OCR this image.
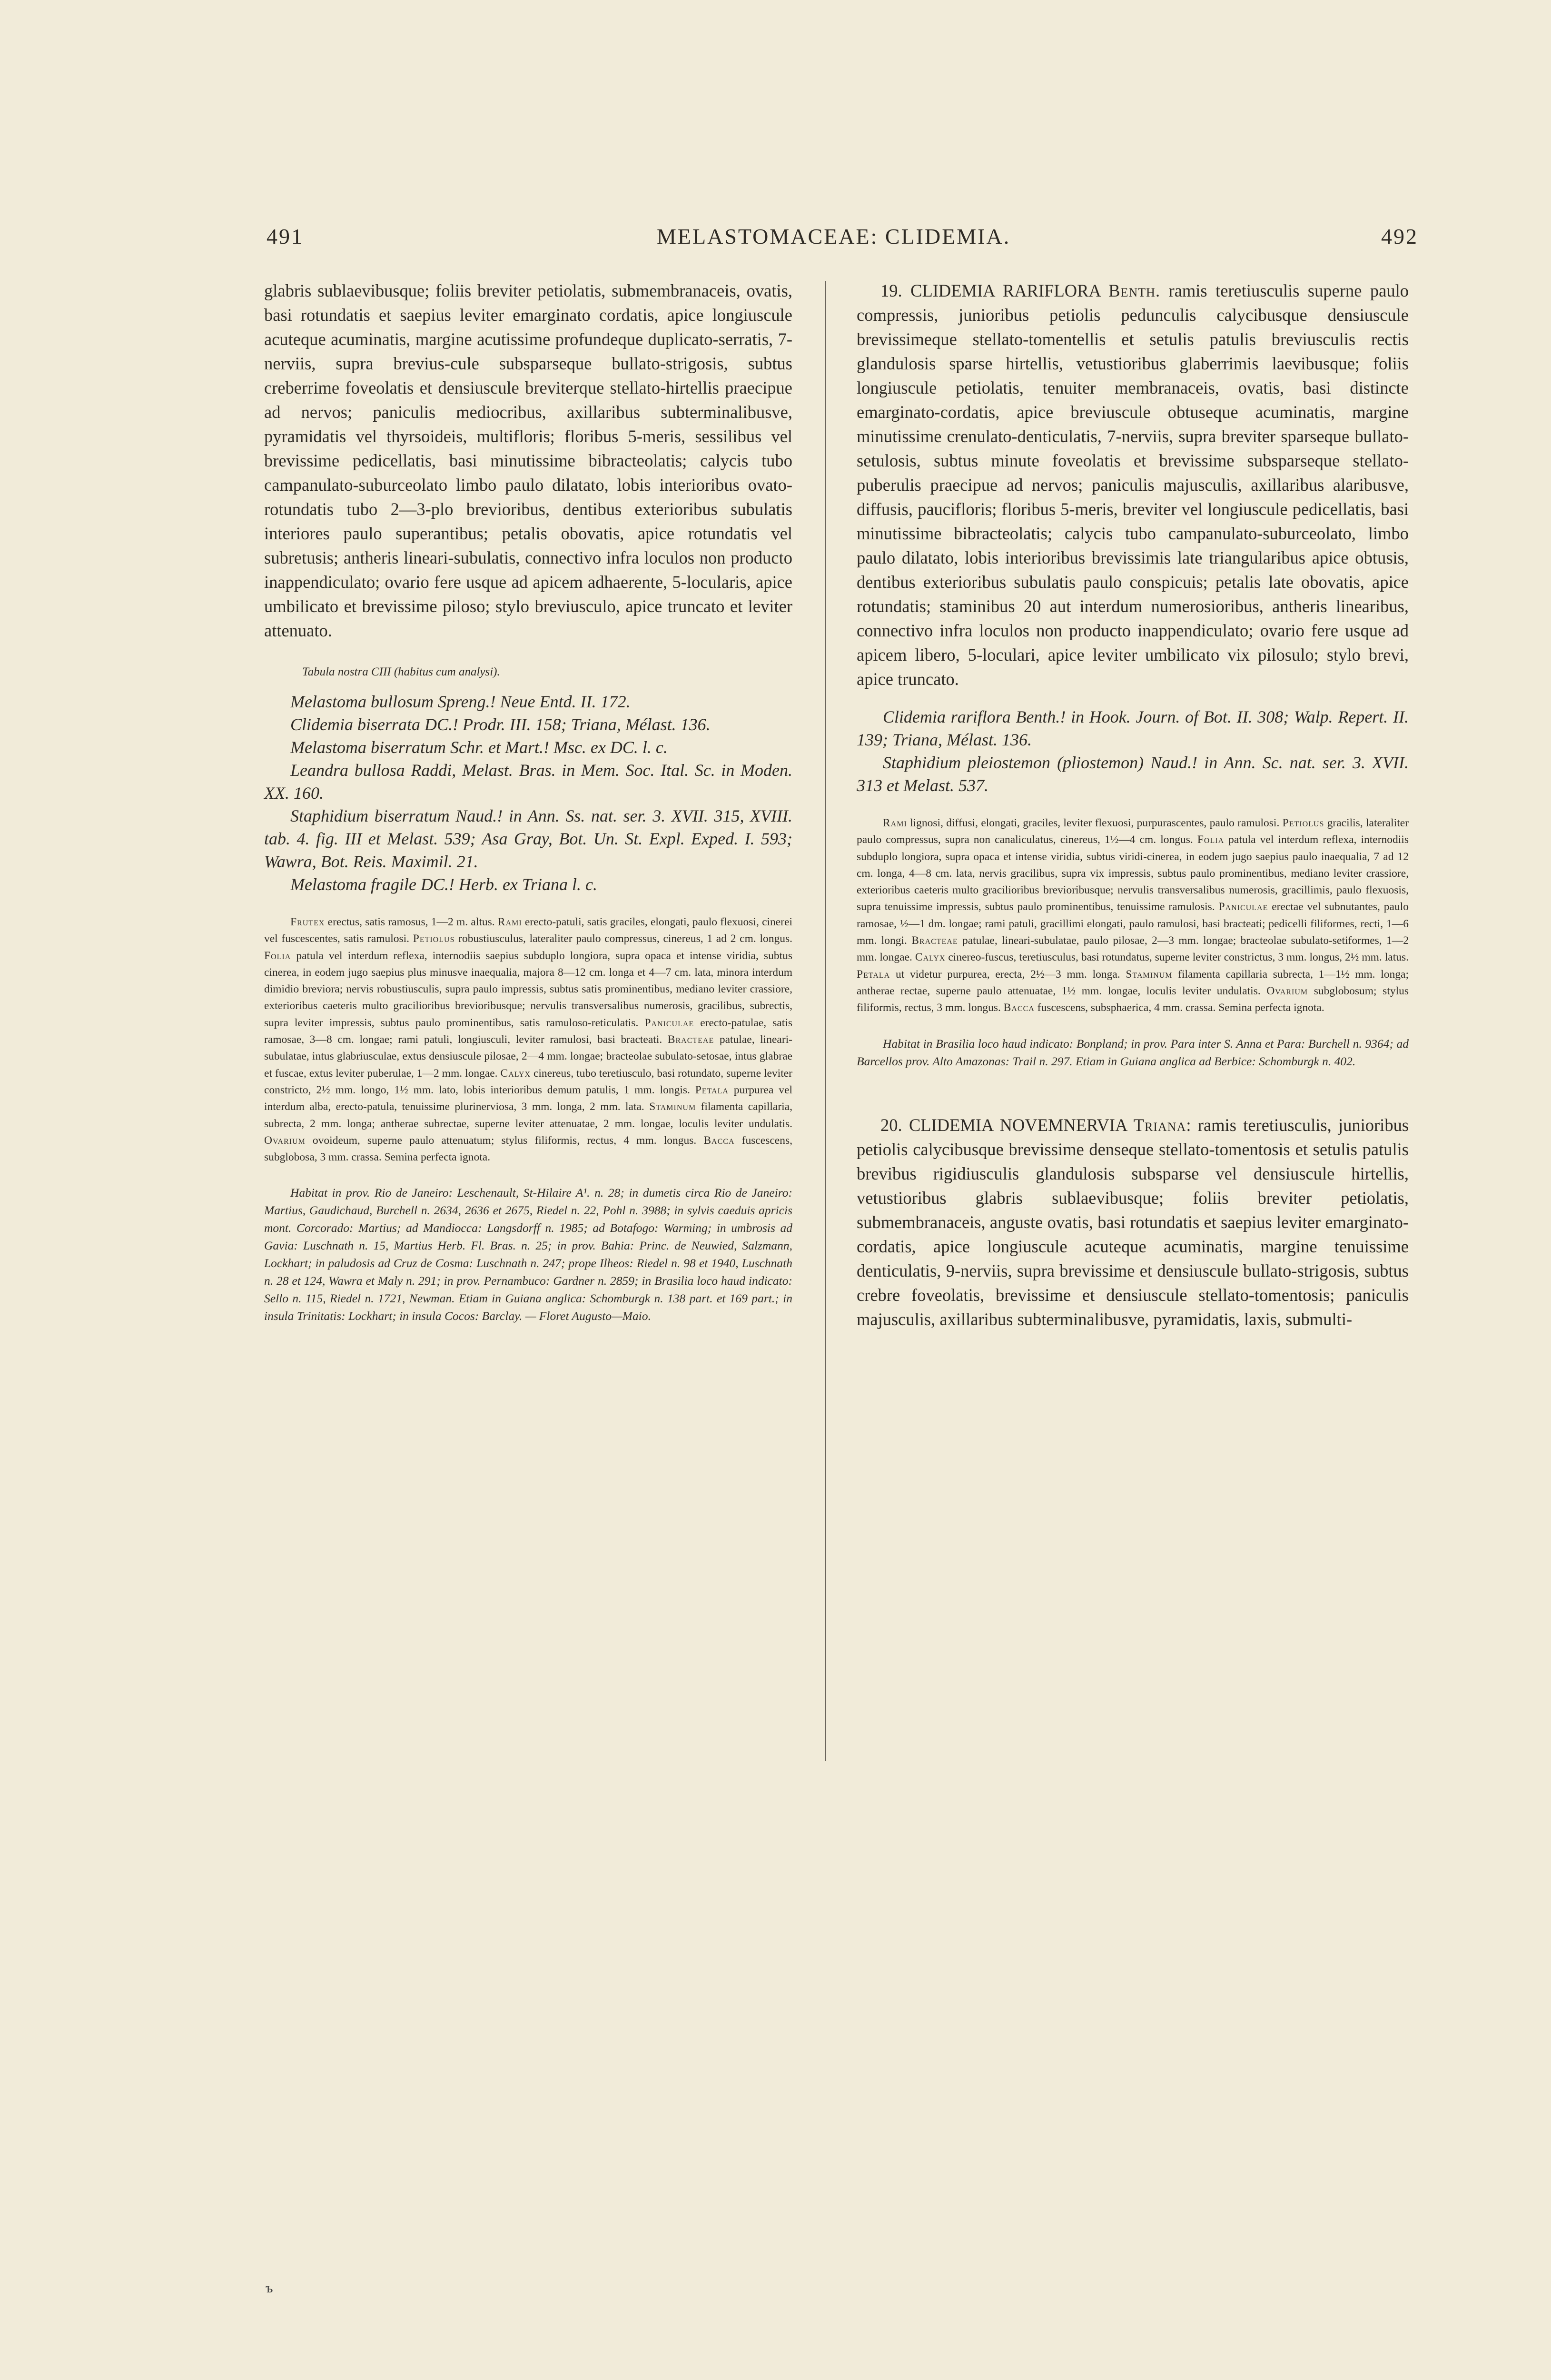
491	MELASTOMACEAE: CLIDEMIA.	492

glabris sublaevibusque; foliis breviter petiolatis, submembranaceis, ovatis, basi rotundatis et saepius leviter emarginato cordatis, apice longiuscule acuteque acuminatis, margine acutissime profundeque duplicato-serratis, 7-nerviis, supra brevius-cule subsparseque bullato-strigosis, subtus creberrime foveolatis et densiuscule breviterque stellato-hirtellis praecipue ad nervos; paniculis mediocribus, axillaribus subterminalibusve, pyramidatis vel thyrsoideis, multifloris; floribus 5-meris, sessilibus vel brevissime pedicellatis, basi minutissime bibracteolatis; calycis tubo campanulato-suburceolato limbo paulo dilatato, lobis interioribus ovato-rotundatis tubo 2—3-plo brevioribus, dentibus exterioribus subulatis interiores paulo superantibus; petalis obovatis, apice rotundatis vel subretusis; antheris lineari-subulatis, connectivo infra loculos non producto inappendiculato; ovario fere usque ad apicem adhaerente, 5-locularis, apice umbilicato et brevissime piloso; stylo breviusculo, apice truncato et leviter attenuato.

Tabula nostra CIII (habitus cum analysi).

Melastoma bullosum Spreng.! Neue Entd. II. 172.

Clidemia biserrata DC.! Prodr. III. 158; Triana, Mélast. 136.

Melastoma biserratum Schr. et Mart.! Msc. ex DC. l. c.

Leandra bullosa Raddi, Melast. Bras. in Mem. Soc. Ital. Sc. in Moden. XX. 160.

Staphidium biserratum Naud.! in Ann. Ss. nat. ser. 3. XVII. 315, XVIII. tab. 4. fig. III et Melast. 539; Asa Gray, Bot. Un. St. Expl. Exped. I. 593; Wawra, Bot. Reis. Maximil. 21.

Melastoma fragile DC.! Herb. ex Triana l. c.

Frutex erectus, satis ramosus, 1—2 m. altus. Rami erecto-patuli, satis graciles, elongati, paulo flexuosi, cinerei vel fuscescentes, satis ramulosi. Petiolus robustiusculus, lateraliter paulo compressus, cinereus, 1 ad 2 cm. longus. Folia patula vel interdum reflexa, internodiis saepius subduplo longiora, supra opaca et intense viridia, subtus cinerea, in eodem jugo saepius plus minusve inaequalia, majora 8—12 cm. longa et 4—7 cm. lata, minora interdum dimidio breviora; nervis robustiusculis, supra paulo impressis, subtus satis prominentibus, mediano leviter crassiore, exterioribus caeteris multo gracilioribus brevioribusque; nervulis transversalibus numerosis, gracilibus, subrectis, supra leviter impressis, subtus paulo prominentibus, satis ramuloso-reticulatis. Paniculae erecto-patulae, satis ramosae, 3—8 cm. longae; rami patuli, longiusculi, leviter ramulosi, basi bracteati. Bracteae patulae, lineari-subulatae, intus glabriusculae, extus densiuscule pilosae, 2—4 mm. longae; bracteolae subulato-setosae, intus glabrae et fuscae, extus leviter puberulae, 1—2 mm. longae. Calyx cinereus, tubo teretiusculo, basi rotundato, superne leviter constricto, 2½ mm. longo, 1½ mm. lato, lobis interioribus demum patulis, 1 mm. longis. Petala purpurea vel interdum alba, erecto-patula, tenuissime plurinerviosa, 3 mm. longa, 2 mm. lata. Staminum filamenta capillaria, subrecta, 2 mm. longa; antherae subrectae, superne leviter attenuatae, 2 mm. longae, loculis leviter undulatis. Ovarium ovoideum, superne paulo attenuatum; stylus filiformis, rectus, 4 mm. longus. Bacca fuscescens, subglobosa, 3 mm. crassa. Semina perfecta ignota.

Habitat in prov. Rio de Janeiro: Leschenault, St-Hilaire A¹. n. 28; in dumetis circa Rio de Janeiro: Martius, Gaudichaud, Burchell n. 2634, 2636 et 2675, Riedel n. 22, Pohl n. 3988; in sylvis caeduis apricis mont. Corcorado: Martius; ad Mandiocca: Langsdorff n. 1985; ad Botafogo: Warming; in umbrosis ad Gavia: Luschnath n. 15, Martius Herb. Fl. Bras. n. 25; in prov. Bahia: Princ. de Neuwied, Salzmann, Lockhart; in paludosis ad Cruz de Cosma: Luschnath n. 247; prope Ilheos: Riedel n. 98 et 1940, Luschnath n. 28 et 124, Wawra et Maly n. 291; in prov. Pernambuco: Gardner n. 2859; in Brasilia loco haud indicato: Sello n. 115, Riedel n. 1721, Newman. Etiam in Guiana anglica: Schomburgk n. 138 part. et 169 part.; in insula Trinitatis: Lockhart; in insula Cocos: Barclay. — Floret Augusto—Maio.

19. CLIDEMIA RARIFLORA Benth. ramis teretiusculis superne paulo compressis, junioribus petiolis pedunculis calycibusque densiuscule brevissimeque stellato-tomentellis et setulis patulis breviusculis rectis glandulosis sparse hirtellis, vetustioribus glaberrimis laevibusque; foliis longiuscule petiolatis, tenuiter membranaceis, ovatis, basi distincte emarginato-cordatis, apice breviuscule obtuseque acuminatis, margine minutissime crenulato-denticulatis, 7-nerviis, supra breviter sparseque bullato-setulosis, subtus minute foveolatis et brevissime subsparseque stellato-puberulis praecipue ad nervos; paniculis majusculis, axillaribus alaribusve, diffusis, paucifloris; floribus 5-meris, breviter vel longiuscule pedicellatis, basi minutissime bibracteolatis; calycis tubo campanulato-suburceolato, limbo paulo dilatato, lobis interioribus brevissimis late triangularibus apice obtusis, dentibus exterioribus subulatis paulo conspicuis; petalis late obovatis, apice rotundatis; staminibus 20 aut interdum numerosioribus, antheris linearibus, connectivo infra loculos non producto inappendiculato; ovario fere usque ad apicem libero, 5-loculari, apice leviter umbilicato vix pilosulo; stylo brevi, apice truncato.

Clidemia rariflora Benth.! in Hook. Journ. of Bot. II. 308; Walp. Repert. II. 139; Triana, Mélast. 136.

Staphidium pleiostemon (pliostemon) Naud.! in Ann. Sc. nat. ser. 3. XVII. 313 et Melast. 537.

Rami lignosi, diffusi, elongati, graciles, leviter flexuosi, purpurascentes, paulo ramulosi. Petiolus gracilis, lateraliter paulo compressus, supra non canaliculatus, cinereus, 1½—4 cm. longus. Folia patula vel interdum reflexa, internodiis subduplo longiora, supra opaca et intense viridia, subtus viridi-cinerea, in eodem jugo saepius paulo inaequalia, 7 ad 12 cm. longa, 4—8 cm. lata, nervis gracilibus, supra vix impressis, subtus paulo prominentibus, mediano leviter crassiore, exterioribus caeteris multo gracilioribus brevioribusque; nervulis transversalibus numerosis, gracillimis, paulo flexuosis, supra tenuissime impressis, subtus paulo prominentibus, tenuissime ramulosis. Paniculae erectae vel subnutantes, paulo ramosae, ½—1 dm. longae; rami patuli, gracillimi elongati, paulo ramulosi, basi bracteati; pedicelli filiformes, recti, 1—6 mm. longi. Bracteae patulae, lineari-subulatae, paulo pilosae, 2—3 mm. longae; bracteolae subulato-setiformes, 1—2 mm. longae. Calyx cinereo-fuscus, teretiusculus, basi rotundatus, superne leviter constrictus, 3 mm. longus, 2½ mm. latus. Petala ut videtur purpurea, erecta, 2½—3 mm. longa. Staminum filamenta capillaria subrecta, 1—1½ mm. longa; antherae rectae, superne paulo attenuatae, 1½ mm. longae, loculis leviter undulatis. Ovarium subglobosum; stylus filiformis, rectus, 3 mm. longus. Bacca fuscescens, subsphaerica, 4 mm. crassa. Semina perfecta ignota.

Habitat in Brasilia loco haud indicato: Bonpland; in prov. Para inter S. Anna et Para: Burchell n. 9364; ad Barcellos prov. Alto Amazonas: Trail n. 297. Etiam in Guiana anglica ad Berbice: Schomburgk n. 402.

20. CLIDEMIA NOVEMNERVIA Triana: ramis teretiusculis, junioribus petiolis calycibusque brevissime denseque stellato-tomentosis et setulis patulis brevibus rigidiusculis glandulosis subsparse vel densiuscule hirtellis, vetustioribus glabris sublaevibusque; foliis breviter petiolatis, submembranaceis, anguste ovatis, basi rotundatis et saepius leviter emarginato-cordatis, apice longiuscule acuteque acuminatis, margine tenuissime denticulatis, 9-nerviis, supra brevissime et densiuscule bullato-strigosis, subtus crebre foveolatis, brevissime et densiuscule stellato-tomentosis; paniculis majusculis, axillaribus subterminalibusve, pyramidatis, laxis, submulti-

ъ
